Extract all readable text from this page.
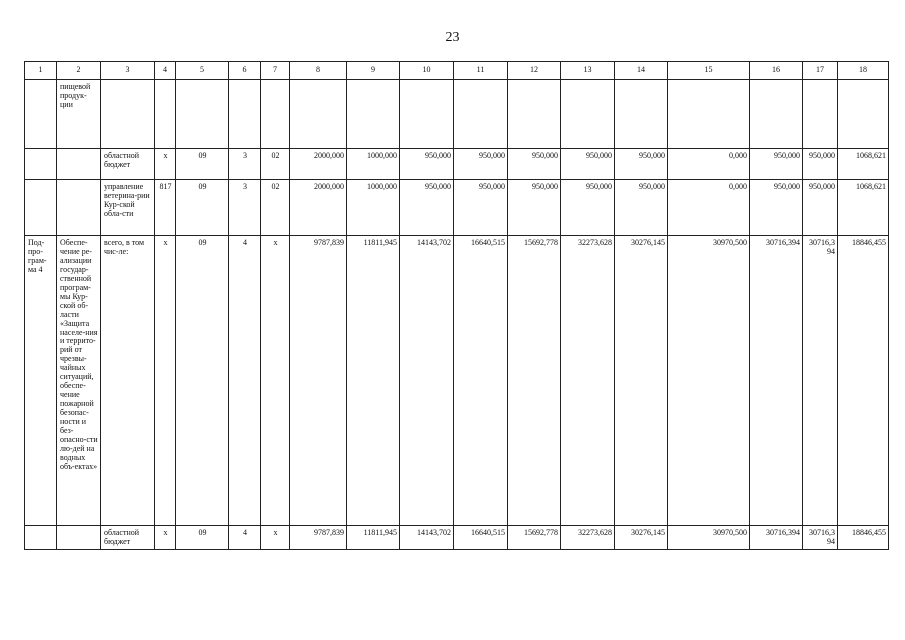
23
1	2	3	4	5	6	7	8	9	10	11	12	13	14	15	16	17	18
	пищевой продук-ции																
		областной бюджет	х	09	3	02	2000,000	1000,000	950,000	950,000	950,000	950,000	950,000	0,000	950,000	950,000	1068,621
		управление ветерина-рии Кур-ской обла-сти	817	09	3	02	2000,000	1000,000	950,000	950,000	950,000	950,000	950,000	0,000	950,000	950,000	1068,621
Под-про-грам-ма 4	Обеспе-чение ре-ализации государ-ственной програм-мы Кур-ской об-ласти «Защита населе-ния и террито-рий от чрезвы-чайных ситуаций, обеспе-чение пожарной безопас-ности и без-опасно-сти лю-дей на водных объ-ектах»	всего, в том чис-ле:	х	09	4	х	9787,839	11811,945	14143,702	16640,515	15692,778	32273,628	30276,145	30970,500	30716,394	30716,394	18846,455
		областной бюджет	х	09	4	х	9787,839	11811,945	14143,702	16640,515	15692,778	32273,628	30276,145	30970,500	30716,394	30716,394	18846,455
